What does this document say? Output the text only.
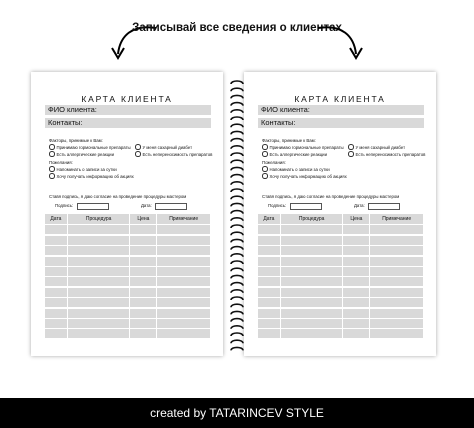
Записывай все сведения о клиентах
КАРТА КЛИЕНТА
ФИО клиента:
Контакты:
Факторы, принимые к Вам:
Принимаю гормональные препараты	У меня сахарный диабет
Есть аллергические реакции	Есть непереносимость препаратов
Пожелания:
Напоминать о записи за сутки
Хочу получать информацию об акциях
Ставя подпись, я даю согласие на проведение процедуры мастером
Подпись:	Дата:
Дата	Процедура	Цена	Примечание
КАРТА КЛИЕНТА
ФИО клиента:
Контакты:
Факторы, принимые к Вам:
Принимаю гормональные препараты	У меня сахарный диабет
Есть аллергические реакции	Есть непереносимость препаратов
Пожелания:
Напоминать о записи за сутки
Хочу получать информацию об акциях
Ставя подпись, я даю согласие на проведение процедуры мастером
Подпись:	Дата:
Дата	Процедура	Цена	Примечание
created by TATARINCEV STYLE
